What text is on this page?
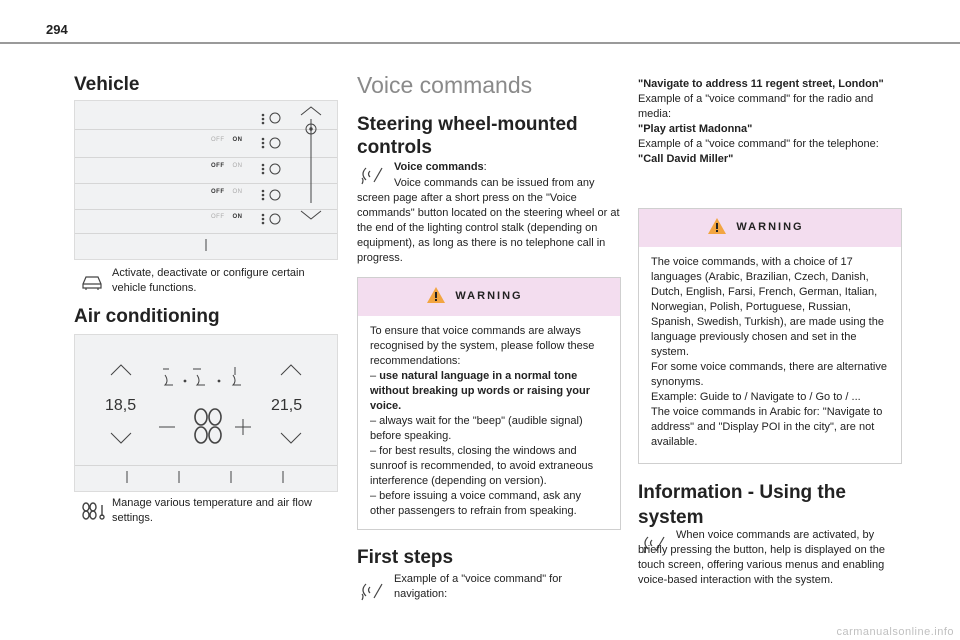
294
Vehicle
OFF ON
OFF ON
OFF ON
OFF ON
Activate, deactivate or configure certain vehicle functions.
Air conditioning
18,5	21,5
Manage various temperature and air flow settings.
Voice commands
Steering wheel-mounted controls
Voice commands:
Voice commands can be issued from any screen page after a short press on the "Voice commands" button located on the steering wheel or at the end of the lighting control stalk (depending on equipment), as long as there is no telephone call in progress.
WARNING
To ensure that voice commands are always recognised by the system, please follow these recommendations:
– use natural language in a normal tone without breaking up words or raising your voice.
– always wait for the "beep" (audible signal) before speaking.
– for best results, closing the windows and sunroof is recommended, to avoid extraneous interference (depending on version).
– before issuing a voice command, ask any other passengers to refrain from speaking.
First steps
Example of a "voice command" for navigation:
"Navigate to address 11 regent street, London"
Example of a "voice command" for the radio and media:
"Play artist Madonna"
Example of a "voice command" for the telephone:
"Call David Miller"
WARNING
The voice commands, with a choice of 17 languages (Arabic, Brazilian, Czech, Danish, Dutch, English, Farsi, French, German, Italian, Norwegian, Polish, Portuguese, Russian, Spanish, Swedish, Turkish), are made using the language previously chosen and set in the system.
For some voice commands, there are alternative synonyms.
Example: Guide to / Navigate to / Go to / ...
The voice commands in Arabic for: "Navigate to address" and "Display POI in the city", are not available.
Information - Using the system
When voice commands are activated, by briefly pressing the button, help is displayed on the touch screen, offering various menus and enabling voice-based interaction with the system.
carmanualsonline.info
